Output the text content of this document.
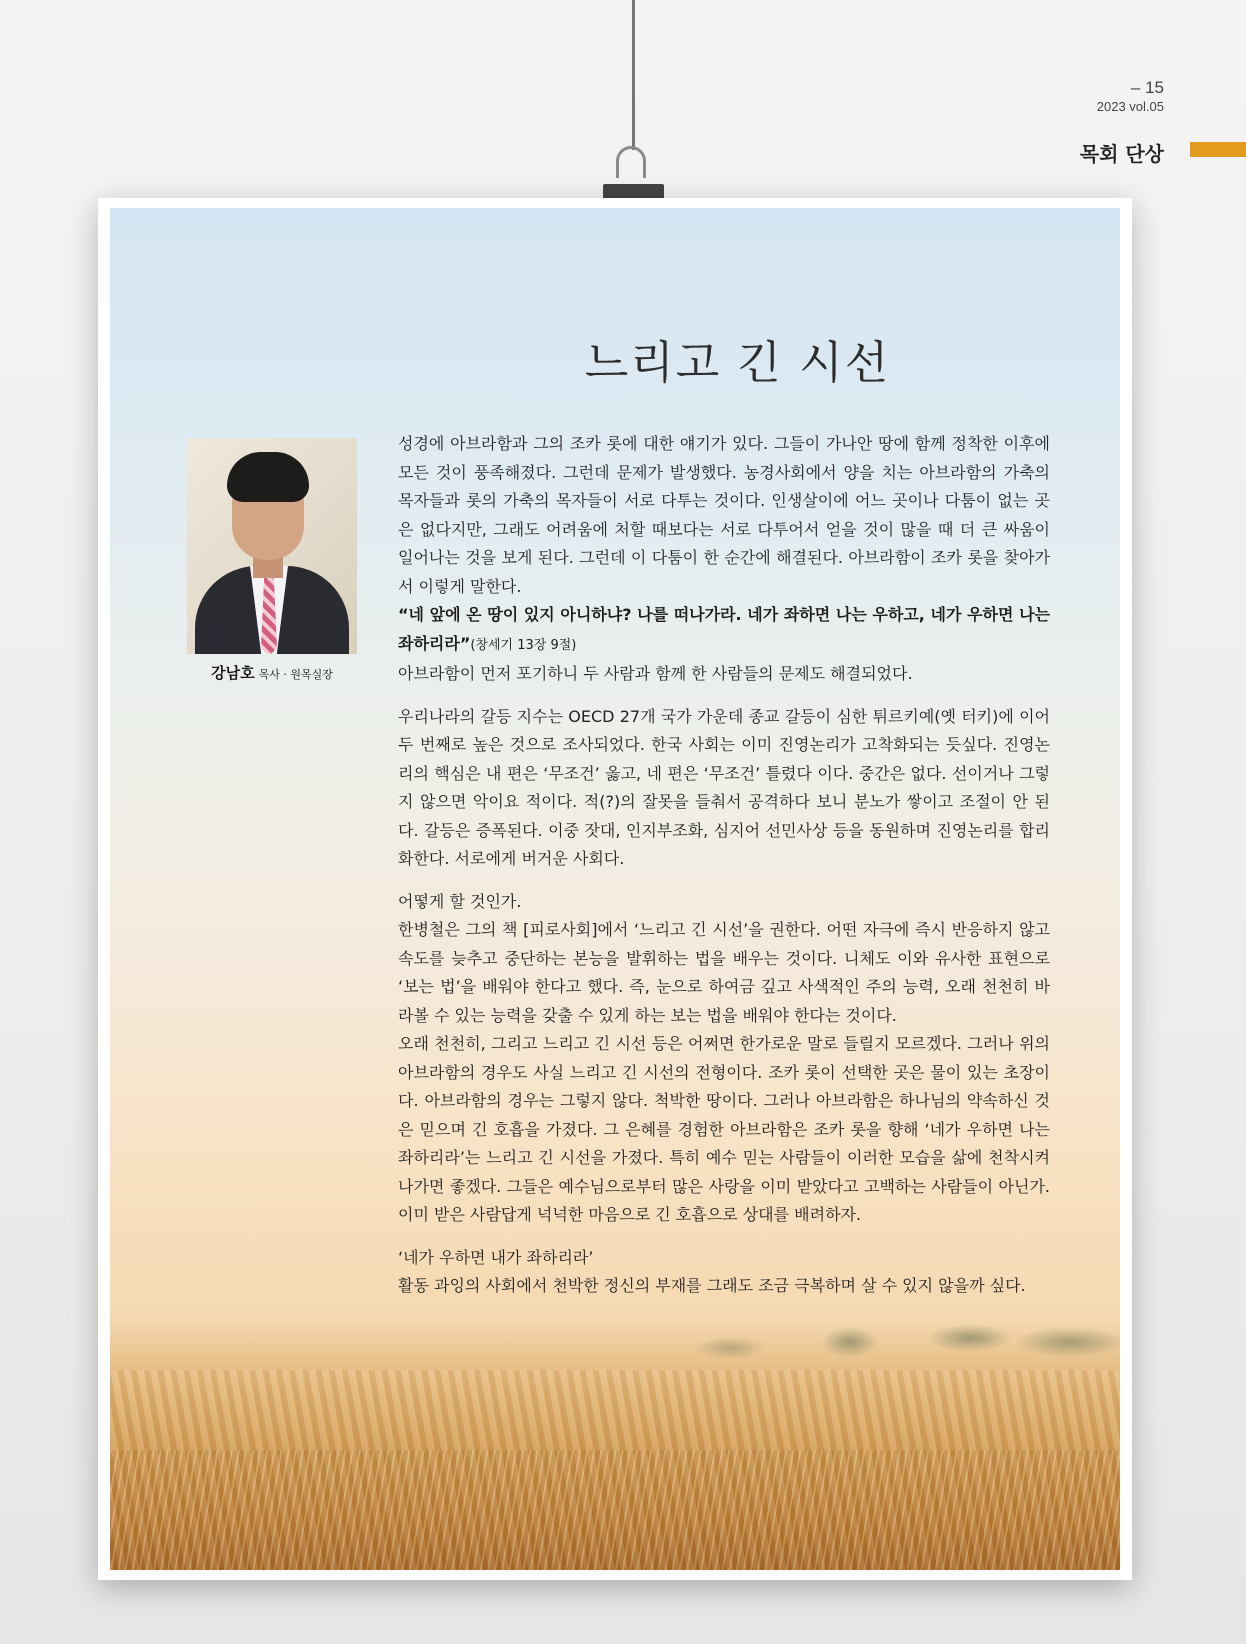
– 15
2023 vol.05
목회 단상
느리고 긴 시선
강남호 목사 · 원목실장

성경에 아브라함과 그의 조카 롯에 대한 얘기가 있다. 그들이 가나안 땅에 함께 정착한 이후에 모든 것이 풍족해졌다. 그런데 문제가 발생했다. 농경사회에서 양을 치는 아브라함의 가축의 목자들과 롯의 가축의 목자들이 서로 다투는 것이다. 인생살이에 어느 곳이나 다툼이 없는 곳은 없다지만, 그래도 어려움에 처할 때보다는 서로 다투어서 얻을 것이 많을 때 더 큰 싸움이 일어나는 것을 보게 된다. 그런데 이 다툼이 한 순간에 해결된다. 아브라함이 조카 롯을 찾아가서 이렇게 말한다.

“네 앞에 온 땅이 있지 아니하냐? 나를 떠나가라. 네가 좌하면 나는 우하고, 네가 우하면 나는 좌하리라”(창세기 13장 9절)

아브라함이 먼저 포기하니 두 사람과 함께 한 사람들의 문제도 해결되었다.

우리나라의 갈등 지수는 OECD 27개 국가 가운데 종교 갈등이 심한 튀르키예(옛 터키)에 이어 두 번째로 높은 것으로 조사되었다. 한국 사회는 이미 진영논리가 고착화되는 듯싶다. 진영논리의 핵심은 내 편은 ‘무조건’ 옳고, 네 편은 ‘무조건’ 틀렸다 이다. 중간은 없다. 선이거나 그렇지 않으면 악이요 적이다. 적(?)의 잘못을 들춰서 공격하다 보니 분노가 쌓이고 조절이 안 된다. 갈등은 증폭된다. 이중 잣대, 인지부조화, 심지어 선민사상 등을 동원하며 진영논리를 합리화한다. 서로에게 버거운 사회다.

어떻게 할 것인가.

한병철은 그의 책 [피로사회]에서 ‘느리고 긴 시선’을 권한다. 어떤 자극에 즉시 반응하지 않고 속도를 늦추고 중단하는 본능을 발휘하는 법을 배우는 것이다. 니체도 이와 유사한 표현으로 ‘보는 법’을 배워야 한다고 했다. 즉, 눈으로 하여금 깊고 사색적인 주의 능력, 오래 천천히 바라볼 수 있는 능력을 갖출 수 있게 하는 보는 법을 배워야 한다는 것이다.

오래 천천히, 그리고 느리고 긴 시선 등은 어쩌면 한가로운 말로 들릴지 모르겠다. 그러나 위의 아브라함의 경우도 사실 느리고 긴 시선의 전형이다. 조카 롯이 선택한 곳은 물이 있는 초장이다. 아브라함의 경우는 그렇지 않다. 척박한 땅이다. 그러나 아브라함은 하나님의 약속하신 것은 믿으며 긴 호흡을 가졌다. 그 은혜를 경험한 아브라함은 조카 롯을 향해 ‘네가 우하면 나는 좌하리라’는 느리고 긴 시선을 가졌다. 특히 예수 믿는 사람들이 이러한 모습을 삶에 천착시켜 나가면 좋겠다. 그들은 예수님으로부터 많은 사랑을 이미 받았다고 고백하는 사람들이 아닌가. 이미 받은 사람답게 넉넉한 마음으로 긴 호흡으로 상대를 배려하자.

‘네가 우하면 내가 좌하리라’

활동 과잉의 사회에서 천박한 정신의 부재를 그래도 조금 극복하며 살 수 있지 않을까 싶다.
